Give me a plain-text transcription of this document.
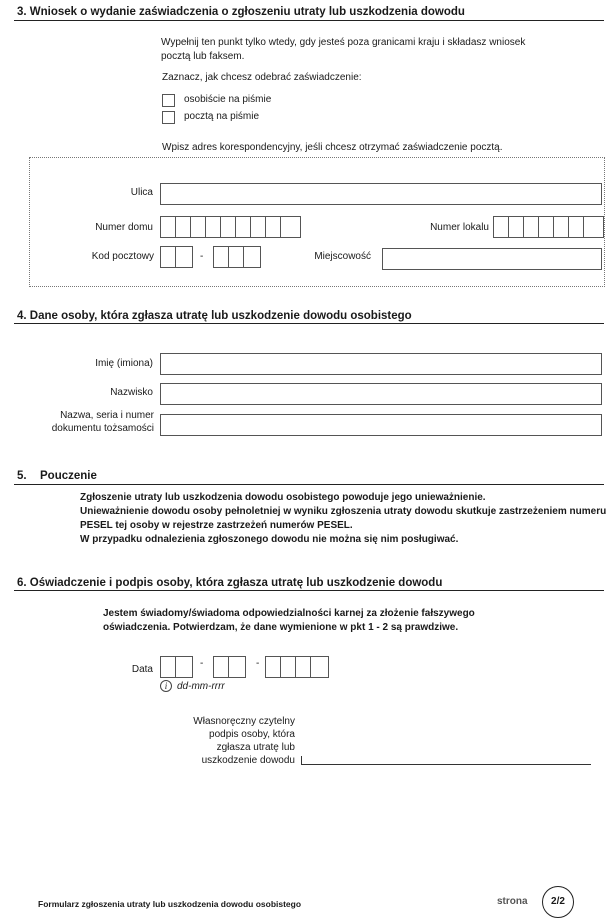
3. Wniosek o wydanie zaświadczenia o zgłoszeniu utraty lub uszkodzenia dowodu
Wypełnij ten punkt tylko wtedy, gdy jesteś poza granicami kraju i składasz wniosek
pocztą lub faksem.
Zaznacz, jak chcesz odebrać zaświadczenie:
osobiście na piśmie
pocztą na piśmie
Wpisz adres korespondencyjny, jeśli chcesz otrzymać zaświadczenie pocztą.
Ulica
Numer domu	Numer lokalu
Kod pocztowy	-	Miejscowość
4. Dane osoby, która zgłasza utratę lub uszkodzenie dowodu osobistego
Imię (imiona)
Nazwisko
Nazwa, seria i numer
dokumentu tożsamości
5. Pouczenie
Zgłoszenie utraty lub uszkodzenia dowodu osobistego powoduje jego unieważnienie.
Unieważnienie dowodu osoby pełnoletniej w wyniku zgłoszenia utraty dowodu skutkuje zastrzeżeniem numeru
PESEL tej osoby w rejestrze zastrzeżeń numerów PESEL.
W przypadku odnalezienia zgłoszonego dowodu nie można się nim posługiwać.
6. Oświadczenie i podpis osoby, która zgłasza utratę lub uszkodzenie dowodu
Jestem świadomy/świadoma odpowiedzialności karnej za złożenie fałszywego
oświadczenia. Potwierdzam, że dane wymienione w pkt 1 - 2 są prawdziwe.
Data
-	-
i dd-mm-rrrr
Własnoręczny czytelny
podpis osoby, która
zgłasza utratę lub
uszkodzenie dowodu
Formularz zgłoszenia utraty lub uszkodzenia dowodu osobistego	strona	2/2
